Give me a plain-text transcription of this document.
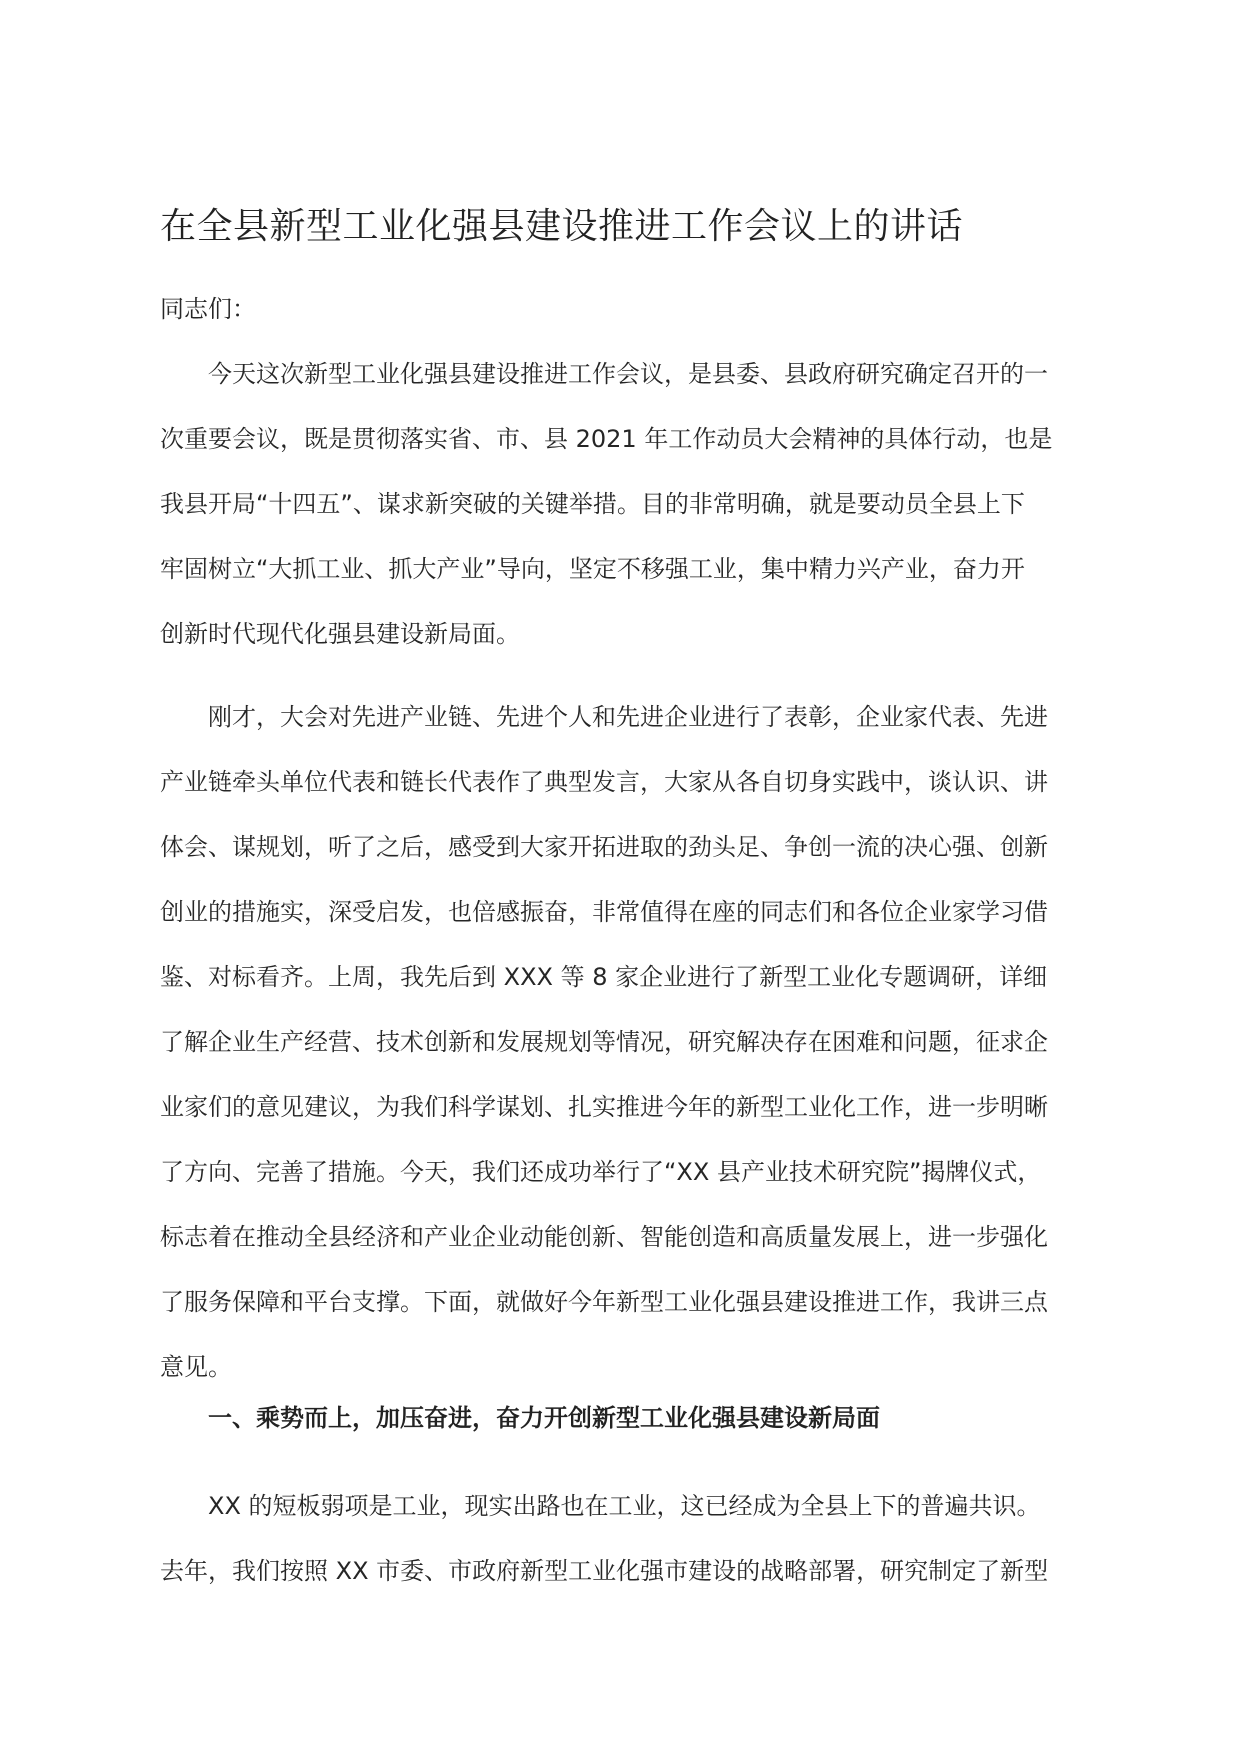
在全县新型工业化强县建设推进工作会议上的讲话

同志们：

今天这次新型工业化强县建设推进工作会议，是县委、县政府研究确定召开的一
次重要会议，既是贯彻落实省、市、县 2021 年工作动员大会精神的具体行动，也是
我县开局“十四五”、谋求新突破的关键举措。目的非常明确，就是要动员全县上下
牢固树立“大抓工业、抓大产业”导向，坚定不移强工业，集中精力兴产业，奋力开
创新时代现代化强县建设新局面。
刚才，大会对先进产业链、先进个人和先进企业进行了表彰，企业家代表、先进
产业链牵头单位代表和链长代表作了典型发言，大家从各自切身实践中，谈认识、讲
体会、谋规划，听了之后，感受到大家开拓进取的劲头足、争创一流的决心强、创新
创业的措施实，深受启发，也倍感振奋，非常值得在座的同志们和各位企业家学习借
鉴、对标看齐。上周，我先后到 XXX 等 8 家企业进行了新型工业化专题调研，详细
了解企业生产经营、技术创新和发展规划等情况，研究解决存在困难和问题，征求企
业家们的意见建议，为我们科学谋划、扎实推进今年的新型工业化工作，进一步明晰
了方向、完善了措施。今天，我们还成功举行了“XX 县产业技术研究院”揭牌仪式，
标志着在推动全县经济和产业企业动能创新、智能创造和高质量发展上，进一步强化
了服务保障和平台支撑。下面，就做好今年新型工业化强县建设推进工作，我讲三点
意见。
一、乘势而上，加压奋进，奋力开创新型工业化强县建设新局面
XX 的短板弱项是工业，现实出路也在工业，这已经成为全县上下的普遍共识。
去年，我们按照 XX 市委、市政府新型工业化强市建设的战略部署，研究制定了新型
